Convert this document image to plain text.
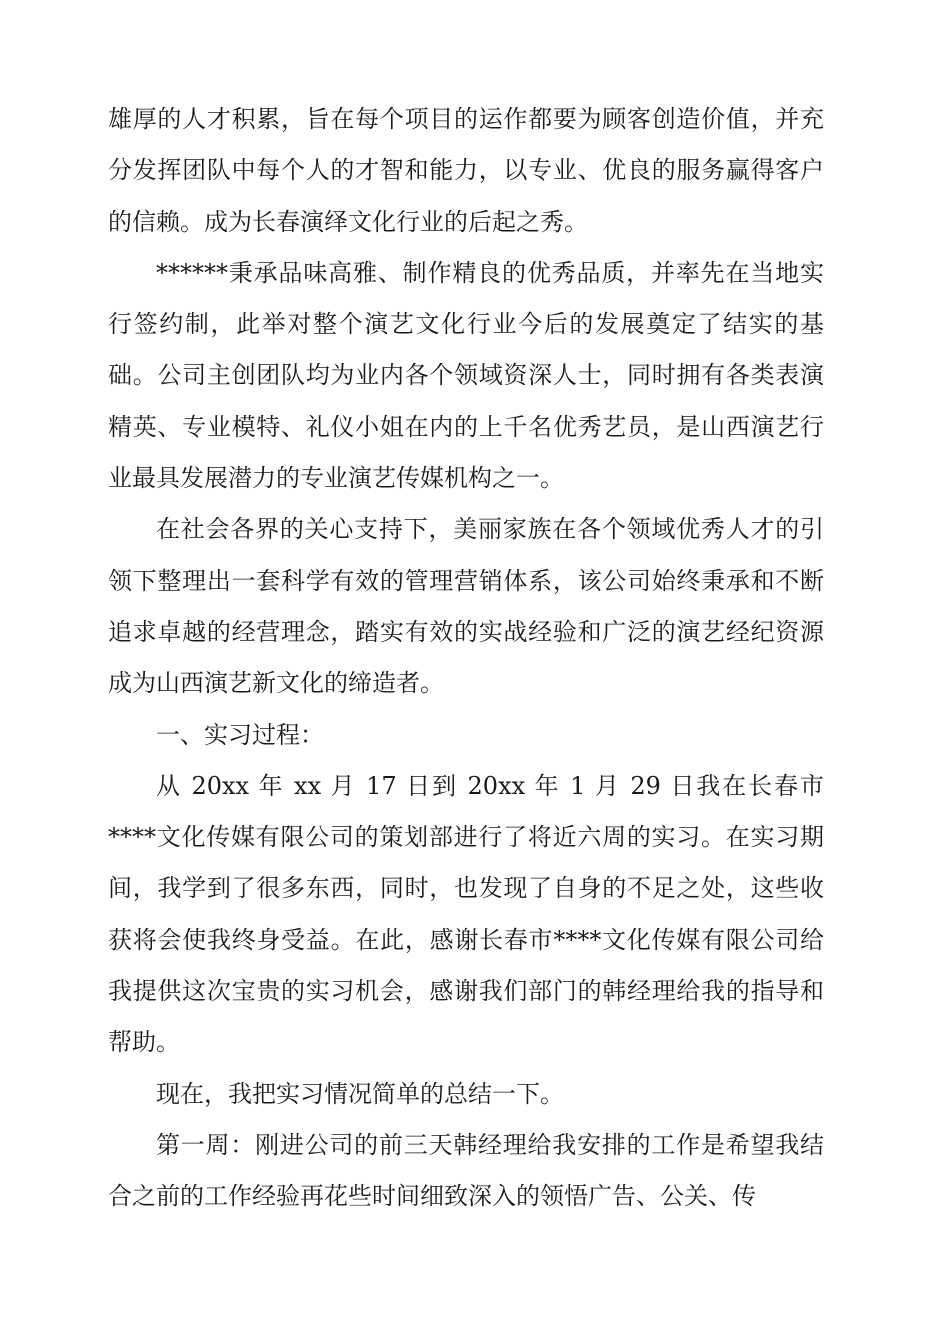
雄厚的人才积累，旨在每个项目的运作都要为顾客创造价值，并充分发挥团队中每个人的才智和能力，以专业、优良的服务赢得客户的信赖。成为长春演绎文化行业的后起之秀。

******秉承品味高雅、制作精良的优秀品质，并率先在当地实行签约制，此举对整个演艺文化行业今后的发展奠定了结实的基础。公司主创团队均为业内各个领域资深人士，同时拥有各类表演精英、专业模特、礼仪小姐在内的上千名优秀艺员，是山西演艺行业最具发展潜力的专业演艺传媒机构之一。

在社会各界的关心支持下，美丽家族在各个领域优秀人才的引领下整理出一套科学有效的管理营销体系，该公司始终秉承和不断追求卓越的经营理念，踏实有效的实战经验和广泛的演艺经纪资源成为山西演艺新文化的缔造者。

一、实习过程：

从 20xx 年 xx 月 17 日到 20xx 年 1 月 29 日我在长春市****文化传媒有限公司的策划部进行了将近六周的实习。在实习期间，我学到了很多东西，同时，也发现了自身的不足之处，这些收获将会使我终身受益。在此，感谢长春市****文化传媒有限公司给我提供这次宝贵的实习机会，感谢我们部门的韩经理给我的指导和帮助。

现在，我把实习情况简单的总结一下。

第一周：刚进公司的前三天韩经理给我安排的工作是希望我结合之前的工作经验再花些时间细致深入的领悟广告、公关、传
